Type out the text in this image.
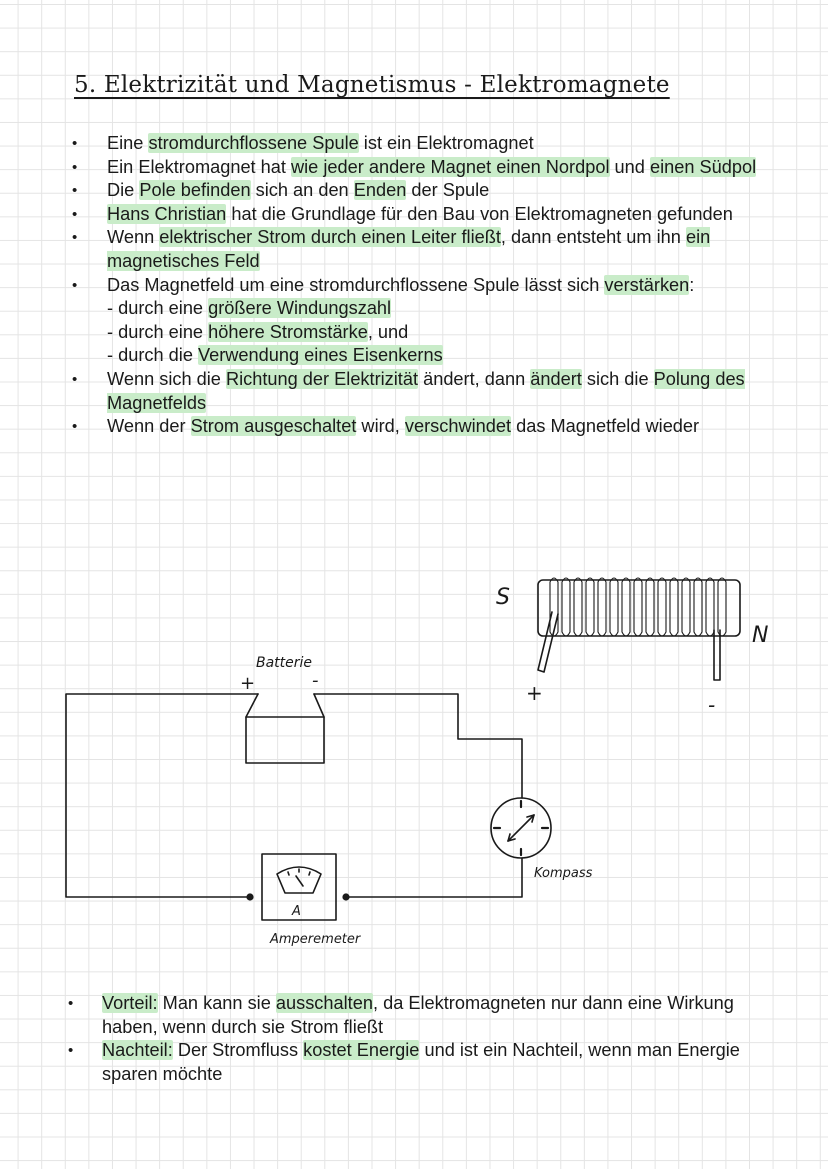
5. Elektrizität und Magnetismus - Elektromagnete
• Eine stromdurchflossene Spule ist ein Elektromagnet
• Ein Elektromagnet hat wie jeder andere Magnet einen Nordpol und einen Südpol
• Die Pole befinden sich an den Enden der Spule
• Hans Christian hat die Grundlage für den Bau von Elektromagneten gefunden
• Wenn elektrischer Strom durch einen Leiter fließt, dann entsteht um ihn ein magnetisches Feld
• Das Magnetfeld um eine stromdurchflossene Spule lässt sich verstärken:
- durch eine größere Windungszahl
- durch eine höhere Stromstärke, und
- durch die Verwendung eines Eisenkerns
• Wenn sich die Richtung der Elektrizität ändert, dann ändert sich die Polung des Magnetfelds
• Wenn der Strom ausgeschaltet wird, verschwindet das Magnetfeld wieder
S
N
+	-
Batterie
+	-
Kompass
A
Amperemeter
• Vorteil: Man kann sie ausschalten, da Elektromagneten nur dann eine Wirkung haben, wenn durch sie Strom fließt
• Nachteil: Der Stromfluss kostet Energie und ist ein Nachteil, wenn man Energie sparen möchte
